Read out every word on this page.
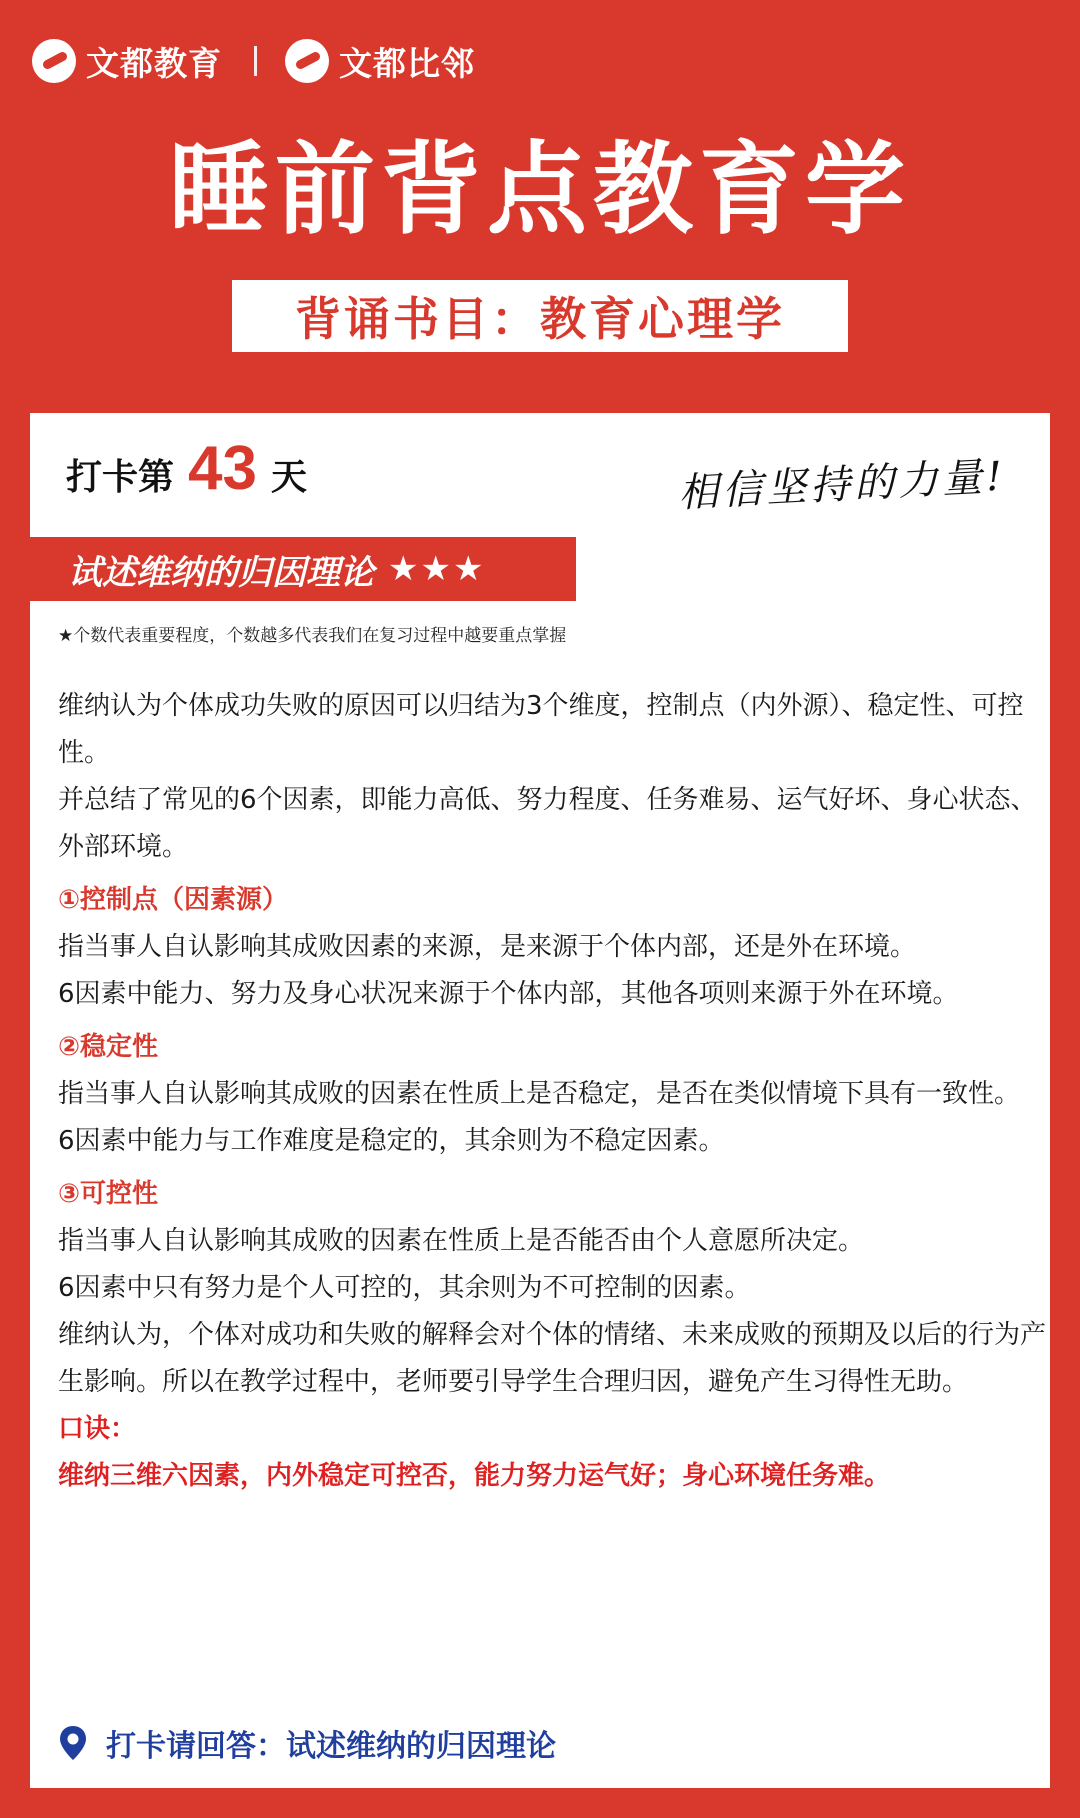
文都教育	文都比邻
睡前背点教育学
背诵书目：教育心理学
打卡第 43 天	相信坚持的力量!
试述维纳的归因理论 ★★★
★个数代表重要程度，个数越多代表我们在复习过程中越要重点掌握

维纳认为个体成功失败的原因可以归结为3个维度，控制点（内外源）、稳定性、可控性。

并总结了常见的6个因素，即能力高低、努力程度、任务难易、运气好坏、身心状态、外部环境。

①控制点（因素源）

指当事人自认影响其成败因素的来源，是来源于个体内部，还是外在环境。

6因素中能力、努力及身心状况来源于个体内部，其他各项则来源于外在环境。

②稳定性

指当事人自认影响其成败的因素在性质上是否稳定，是否在类似情境下具有一致性。

6因素中能力与工作难度是稳定的，其余则为不稳定因素。

③可控性

指当事人自认影响其成败的因素在性质上是否能否由个人意愿所决定。

6因素中只有努力是个人可控的，其余则为不可控制的因素。

维纳认为，个体对成功和失败的解释会对个体的情绪、未来成败的预期及以后的行为产生影响。所以在教学过程中，老师要引导学生合理归因，避免产生习得性无助。

口诀：

维纳三维六因素，内外稳定可控否，能力努力运气好；身心环境任务难。

打卡请回答：试述维纳的归因理论
